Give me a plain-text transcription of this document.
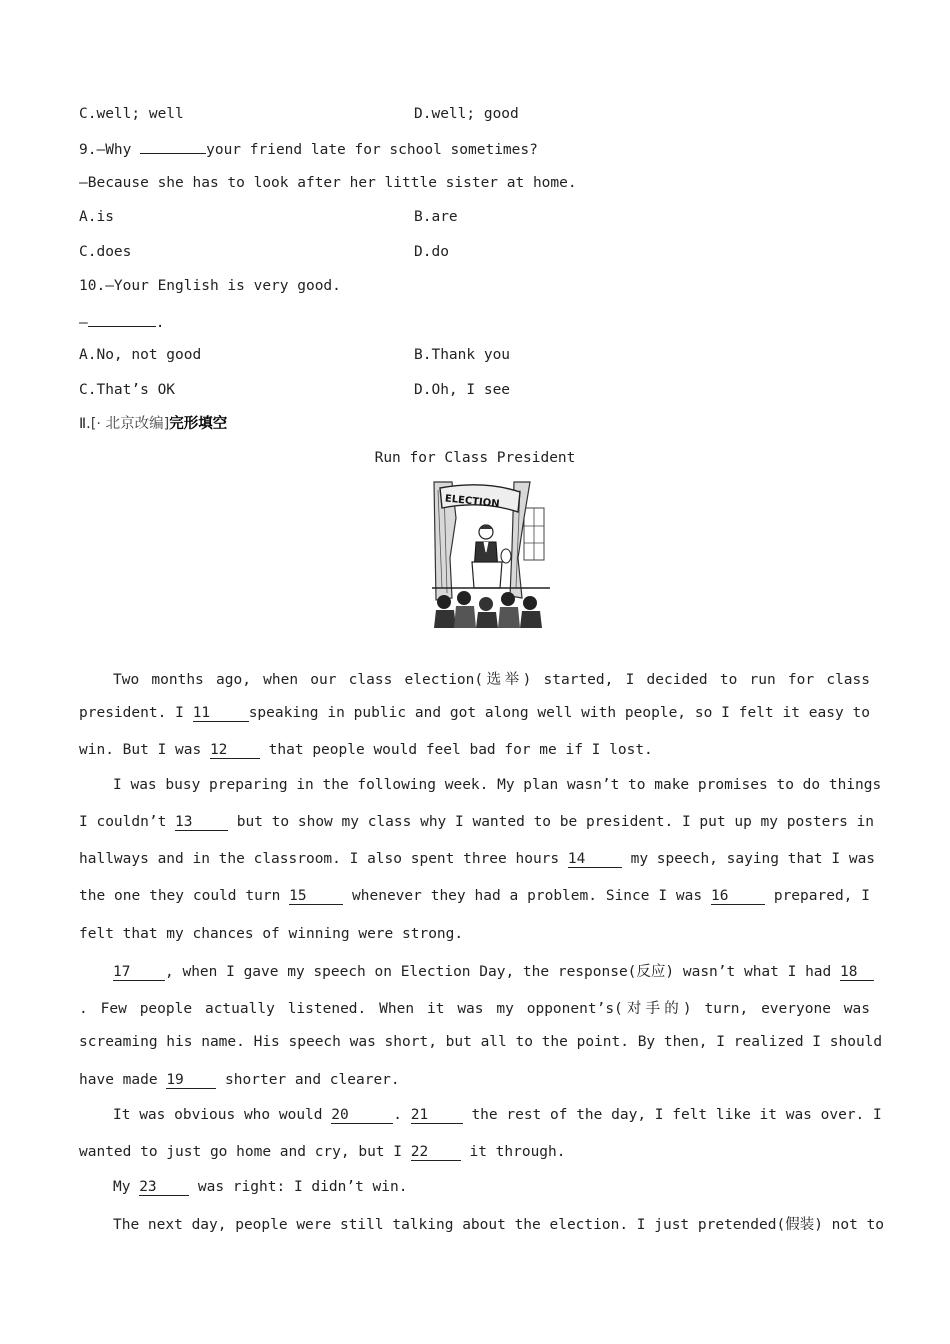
C.well; well	D.well; good
9.—Why	your friend late for school sometimes?
—Because she has to look after her little sister at home.
A.is	B.are
C.does	D.do
10.—Your English is very good.
—	.
A.No, not good	B.Thank you
C.That’s OK	D.Oh, I see
Ⅱ.[· 北京改编]完形填空
Run for Class President
ELECTION
Two months ago, when our class election(选举) started, I decided to run for class
president. I 11	speaking in public and got along well with people, so I felt it easy to
win. But I was 12 that people would feel bad for me if I lost.
I was busy preparing in the following week. My plan wasn’t to make promises to do things
I couldn’t 13 but to show my class why I wanted to be president. I put up my posters in
hallways and in the classroom. I also spent three hours 14	my speech, saying that I was
the one they could turn 15	whenever they had a problem. Since I was 16	prepared, I
felt that my chances of winning were strong.
17 , when I gave my speech on Election Day, the response(反应) wasn’t what I had 18
. Few people actually listened. When it was my opponent’s(对手的) turn, everyone was
screaming his name. His speech was short, but all to the point. By then, I realized I should
have made 19 shorter and clearer.
It was obvious who would 20	. 21 the rest of the day, I felt like it was over. I
wanted to just go home and cry, but I 22 it through.
My 23 was right: I didn’t win.
The next day, people were still talking about the election. I just pretended(假装) not to
